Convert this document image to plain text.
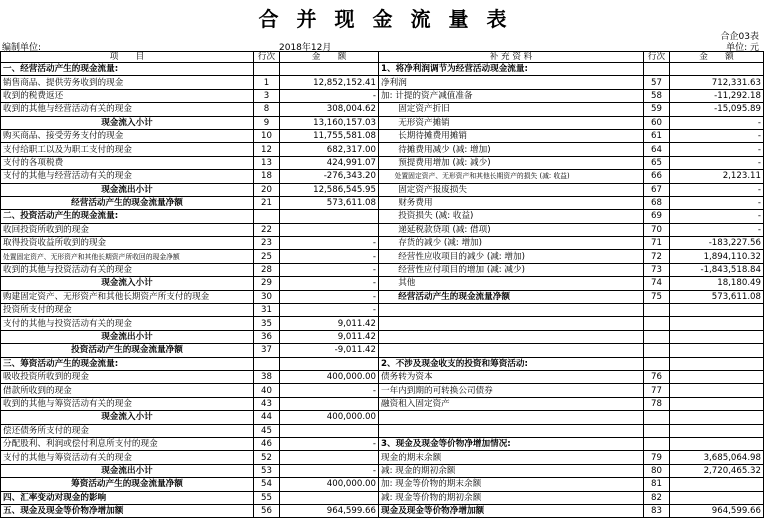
合并现金流量表
合企03表
编制单位:	2018年12月	单位: 元
项　　目	行次	金　　额	补 充 资 料	行次	金　　额
一、经营活动产生的现金流量:			1、将净利润调节为经营活动现金流量:		
销售商品、提供劳务收到的现金	1	12,852,152.41	净利润	57	712,331.63
收到的税费返还	3	-	加: 计提的资产减值准备	58	-11,292.18
收到的其他与经营活动有关的现金	8	308,004.62	　　固定资产折旧	59	-15,095.89
现金流入小计	9	13,160,157.03	　　无形资产摊销	60	-
购买商品、接受劳务支付的现金	10	11,755,581.08	　　长期待摊费用摊销	61	-
支付给职工以及为职工支付的现金	12	682,317.00	　　待摊费用减少 (减: 增加)	64	-
支付的各项税费	13	424,991.07	　　预提费用增加 (减: 减少)	65	-
支付的其他与经营活动有关的现金	18	-276,343.20	　　处置固定资产、无形资产和其他长期资产的损失 (减: 收益)	66	2,123.11
现金流出小计	20	12,586,545.95	　　固定资产报废损失	67	-
经营活动产生的现金流量净额	21	573,611.08	　　财务费用	68	-
二、投资活动产生的现金流量:			　　投资损失 (减: 收益)	69	-
收回投资所收到的现金	22		　　递延税款贷项 (减: 借项)	70	-
取得投资收益所收到的现金	23	-	　　存货的减少 (减: 增加)	71	-183,227.56
处置固定资产、无形资产和其他长期资产所收回的现金净额	25	-	　　经营性应收项目的减少 (减: 增加)	72	1,894,110.32
收到的其他与投资活动有关的现金	28	-	　　经营性应付项目的增加 (减: 减少)	73	-1,843,518.84
现金流入小计	29	-	　　其他	74	18,180.49
购建固定资产、无形资产和其他长期资产所支付的现金	30	-	　　经营活动产生的现金流量净额	75	573,611.08
投资所支付的现金	31	-			
支付的其他与投资活动有关的现金	35	9,011.42			
现金流出小计	36	9,011.42			
投资活动产生的现金流量净额	37	-9,011.42			
三、筹资活动产生的现金流量:			2、不涉及现金收支的投资和筹资活动:		
吸收投资所收到的现金	38	400,000.00	债务转为资本	76	
借款所收到的现金	40	-	一年内到期的可转换公司债券	77	
收到的其他与筹资活动有关的现金	43		融资租入固定资产	78	
现金流入小计	44	400,000.00			
偿还债务所支付的现金	45				
分配股利、利润或偿付利息所支付的现金	46	-	3、现金及现金等价物净增加情况:		
支付的其他与筹资活动有关的现金	52		现金的期末余额	79	3,685,064.98
现金流出小计	53	-	减: 现金的期初余额	80	2,720,465.32
筹资活动产生的现金流量净额	54	400,000.00	加: 现金等价物的期末余额	81	
四、汇率变动对现金的影响	55		减: 现金等价物的期初余额	82	
五、现金及现金等价物净增加额	56	964,599.66	现金及现金等价物净增加额	83	964,599.66
